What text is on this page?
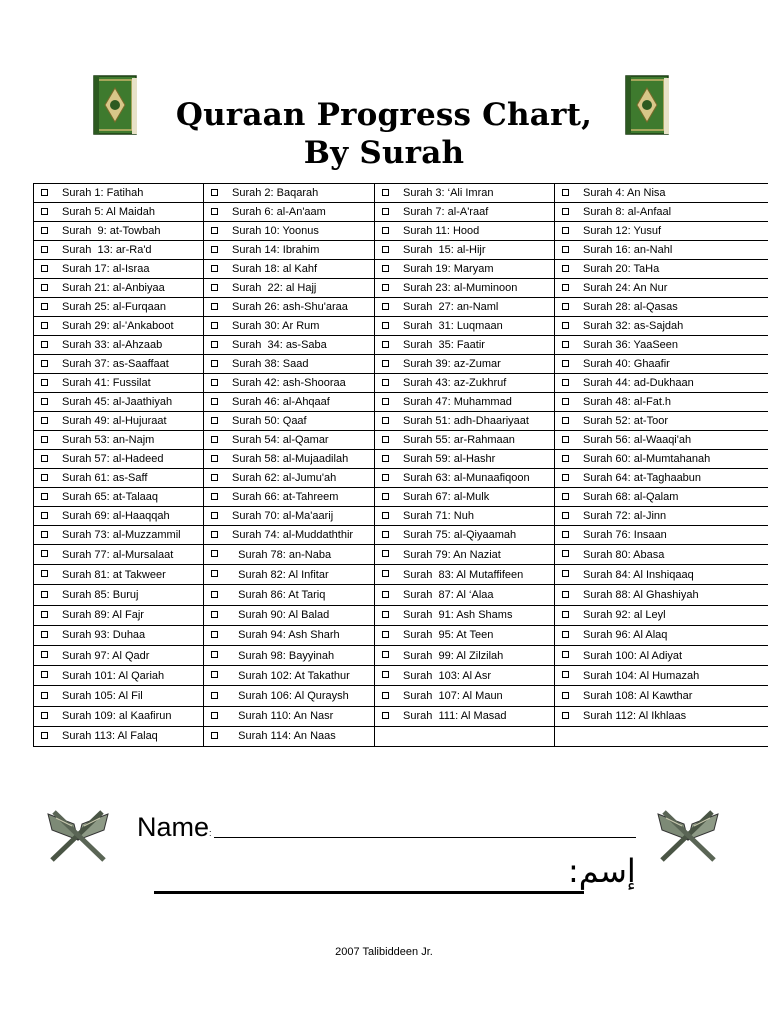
Quraan Progress Chart,
By Surah
Surah 1: Fatihah	Surah 2: Baqarah	Surah 3: ‘Ali Imran	Surah 4: An Nisa
Surah 5: Al Maidah	Surah 6: al-An'aam	Surah 7: al-A'raaf	Surah 8: al-Anfaal
Surah  9: at-Towbah	Surah 10: Yoonus	Surah 11: Hood	Surah 12: Yusuf
Surah  13: ar-Ra'd	Surah 14: Ibrahim	Surah  15: al-Hijr	Surah 16: an-Nahl
Surah 17: al-Israa	Surah 18: al Kahf	Surah 19: Maryam	Surah 20: TaHa
Surah 21: al-Anbiyaa	Surah  22: al Hajj	Surah 23: al-Muminoon	Surah 24: An Nur
Surah 25: al-Furqaan	Surah 26: ash-Shu'araa	Surah  27: an-Naml	Surah 28: al-Qasas
Surah 29: al-'Ankaboot	Surah 30: Ar Rum	Surah  31: Luqmaan	Surah 32: as-Sajdah
Surah 33: al-Ahzaab	Surah  34: as-Saba	Surah  35: Faatir	Surah 36: YaaSeen
Surah 37: as-Saaffaat	Surah 38: Saad	Surah 39: az-Zumar	Surah 40: Ghaafir
Surah 41: Fussilat	Surah 42: ash-Shooraa	Surah 43: az-Zukhruf	Surah 44: ad-Dukhaan
Surah 45: al-Jaathiyah	Surah 46: al-Ahqaaf	Surah 47: Muhammad	Surah 48: al-Fat.h
Surah 49: al-Hujuraat	Surah 50: Qaaf	Surah 51: adh-Dhaariyaat	Surah 52: at-Toor
Surah 53: an-Najm	Surah 54: al-Qamar	Surah 55: ar-Rahmaan	Surah 56: al-Waaqi'ah
Surah 57: al-Hadeed	Surah 58: al-Mujaadilah	Surah 59: al-Hashr	Surah 60: al-Mumtahanah
Surah 61: as-Saff	Surah 62: al-Jumu'ah	Surah 63: al-Munaafiqoon	Surah 64: at-Taghaabun
Surah 65: at-Talaaq	Surah 66: at-Tahreem	Surah 67: al-Mulk	Surah 68: al-Qalam
Surah 69: al-Haaqqah	Surah 70: al-Ma'aarij	Surah 71: Nuh	Surah 72: al-Jinn
Surah 73: al-Muzzammil	Surah 74: al-Muddaththir	Surah 75: al-Qiyaamah	Surah 76: Insaan
Surah 77: al-Mursalaat	Surah 78: an-Naba	Surah 79: An Naziat	Surah 80: Abasa
Surah 81: at Takweer	Surah 82: Al Infitar	Surah  83: Al Mutaffifeen	Surah 84: Al Inshiqaaq
Surah 85: Buruj	Surah 86: At Tariq	Surah  87: Al ‘Alaa	Surah 88: Al Ghashiyah
Surah 89: Al Fajr	Surah 90: Al Balad	Surah  91: Ash Shams	Surah 92: al Leyl
Surah 93: Duhaa	Surah 94: Ash Sharh	Surah  95: At Teen	Surah 96: Al Alaq
Surah 97: Al Qadr	Surah 98: Bayyinah	Surah  99: Al Zilzilah	Surah 100: Al Adiyat
Surah 101: Al Qariah	Surah 102: At Takathur	Surah  103: Al Asr	Surah 104: Al Humazah
Surah 105: Al Fil	Surah 106: Al Quraysh	Surah  107: Al Maun	Surah 108: Al Kawthar
Surah 109: al Kaafirun	Surah 110: An Nasr	Surah  111: Al Masad	Surah 112: Al Ikhlaas
Surah 113: Al Falaq	Surah 114: An Naas		
Name:
إسم:
2007 Talibiddeen Jr.
